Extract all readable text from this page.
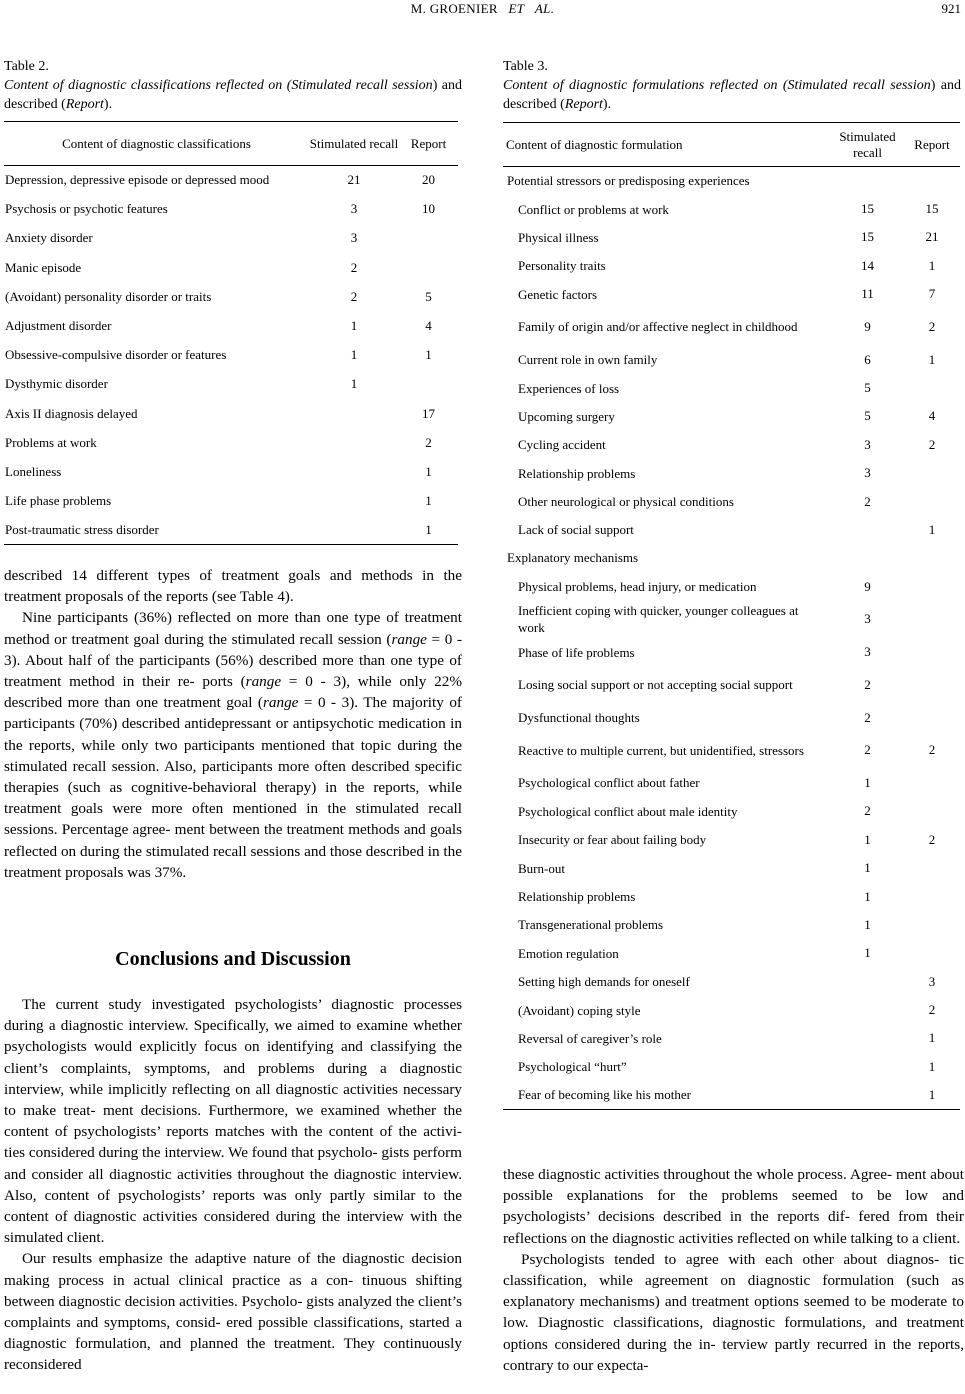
M. GROENIER ET AL.	921
Table 2.
Content of diagnostic classifications reflected on (Stimulated recall session) and described (Report).
Content of diagnostic classifications	Stimulated recall	Report
Depression, depressive episode or depressed mood	21	20
Psychosis or psychotic features	3	10
Anxiety disorder	3	
Manic episode	2	
(Avoidant) personality disorder or traits	2	5
Adjustment disorder	1	4
Obsessive-compulsive disorder or features	1	1
Dysthymic disorder	1	
Axis II diagnosis delayed		17
Problems at work		2
Loneliness		1
Life phase problems		1
Post-traumatic stress disorder		1

described 14 different types of treatment goals and methods in the treatment proposals of the reports (see Table 4).

Nine participants (36%) reflected on more than one type of treatment method or treatment goal during the stimulated recall session (range = 0 - 3). About half of the participants (56%) described more than one type of treatment method in their re- ports (range = 0 - 3), while only 22% described more than one treatment goal (range = 0 - 3). The majority of participants (70%) described antidepressant or antipsychotic medication in the reports, while only two participants mentioned that topic during the stimulated recall session. Also, participants more often described specific therapies (such as cognitive-behavioral therapy) in the reports, while treatment goals were more often mentioned in the stimulated recall sessions. Percentage agree- ment between the treatment methods and goals reflected on during the stimulated recall sessions and those described in the treatment proposals was 37%.

Conclusions and Discussion

The current study investigated psychologists’ diagnostic processes during a diagnostic interview. Specifically, we aimed to examine whether psychologists would explicitly focus on identifying and classifying the client’s complaints, symptoms, and problems during a diagnostic interview, while implicitly reflecting on all diagnostic activities necessary to make treat- ment decisions. Furthermore, we examined whether the content of psychologists’ reports matches with the content of the activi- ties considered during the interview. We found that psycholo- gists perform and consider all diagnostic activities throughout the diagnostic interview. Also, content of psychologists’ reports was only partly similar to the content of diagnostic activities considered during the interview with the simulated client.

Our results emphasize the adaptive nature of the diagnostic decision making process in actual clinical practice as a con- tinuous shifting between diagnostic decision activities. Psycholo- gists analyzed the client’s complaints and symptoms, consid- ered possible classifications, started a diagnostic formulation, and planned the treatment. They continuously reconsidered

Table 3.
Content of diagnostic formulations reflected on (Stimulated recall session) and described (Report).
Content of diagnostic formulation	Stimulated recall	Report
Potential stressors or predisposing experiences		
Conflict or problems at work	15	15
Physical illness	15	21
Personality traits	14	1
Genetic factors	11	7
Family of origin and/or affective neglect in childhood	9	2
Current role in own family	6	1
Experiences of loss	5	
Upcoming surgery	5	4
Cycling accident	3	2
Relationship problems	3	
Other neurological or physical conditions	2	
Lack of social support		1
Explanatory mechanisms		
Physical problems, head injury, or medication	9	
Inefficient coping with quicker, younger colleagues at work	3	
Phase of life problems	3	
Losing social support or not accepting social support	2	
Dysfunctional thoughts	2	
Reactive to multiple current, but unidentified, stressors	2	2
Psychological conflict about father	1	
Psychological conflict about male identity	2	
Insecurity or fear about failing body	1	2
Burn-out	1	
Relationship problems	1	
Transgenerational problems	1	
Emotion regulation	1	
Setting high demands for oneself		3
(Avoidant) coping style		2
Reversal of caregiver’s role		1
Psychological “hurt”		1
Fear of becoming like his mother		1

these diagnostic activities throughout the whole process. Agree- ment about possible explanations for the problems seemed to be low and psychologists’ decisions described in the reports dif- fered from their reflections on the diagnostic activities reflected on while talking to a client.

Psychologists tended to agree with each other about diagnos- tic classification, while agreement on diagnostic formulation (such as explanatory mechanisms) and treatment options seemed to be moderate to low. Diagnostic classifications, diagnostic formulations, and treatment options considered during the in- terview partly recurred in the reports, contrary to our expecta-
